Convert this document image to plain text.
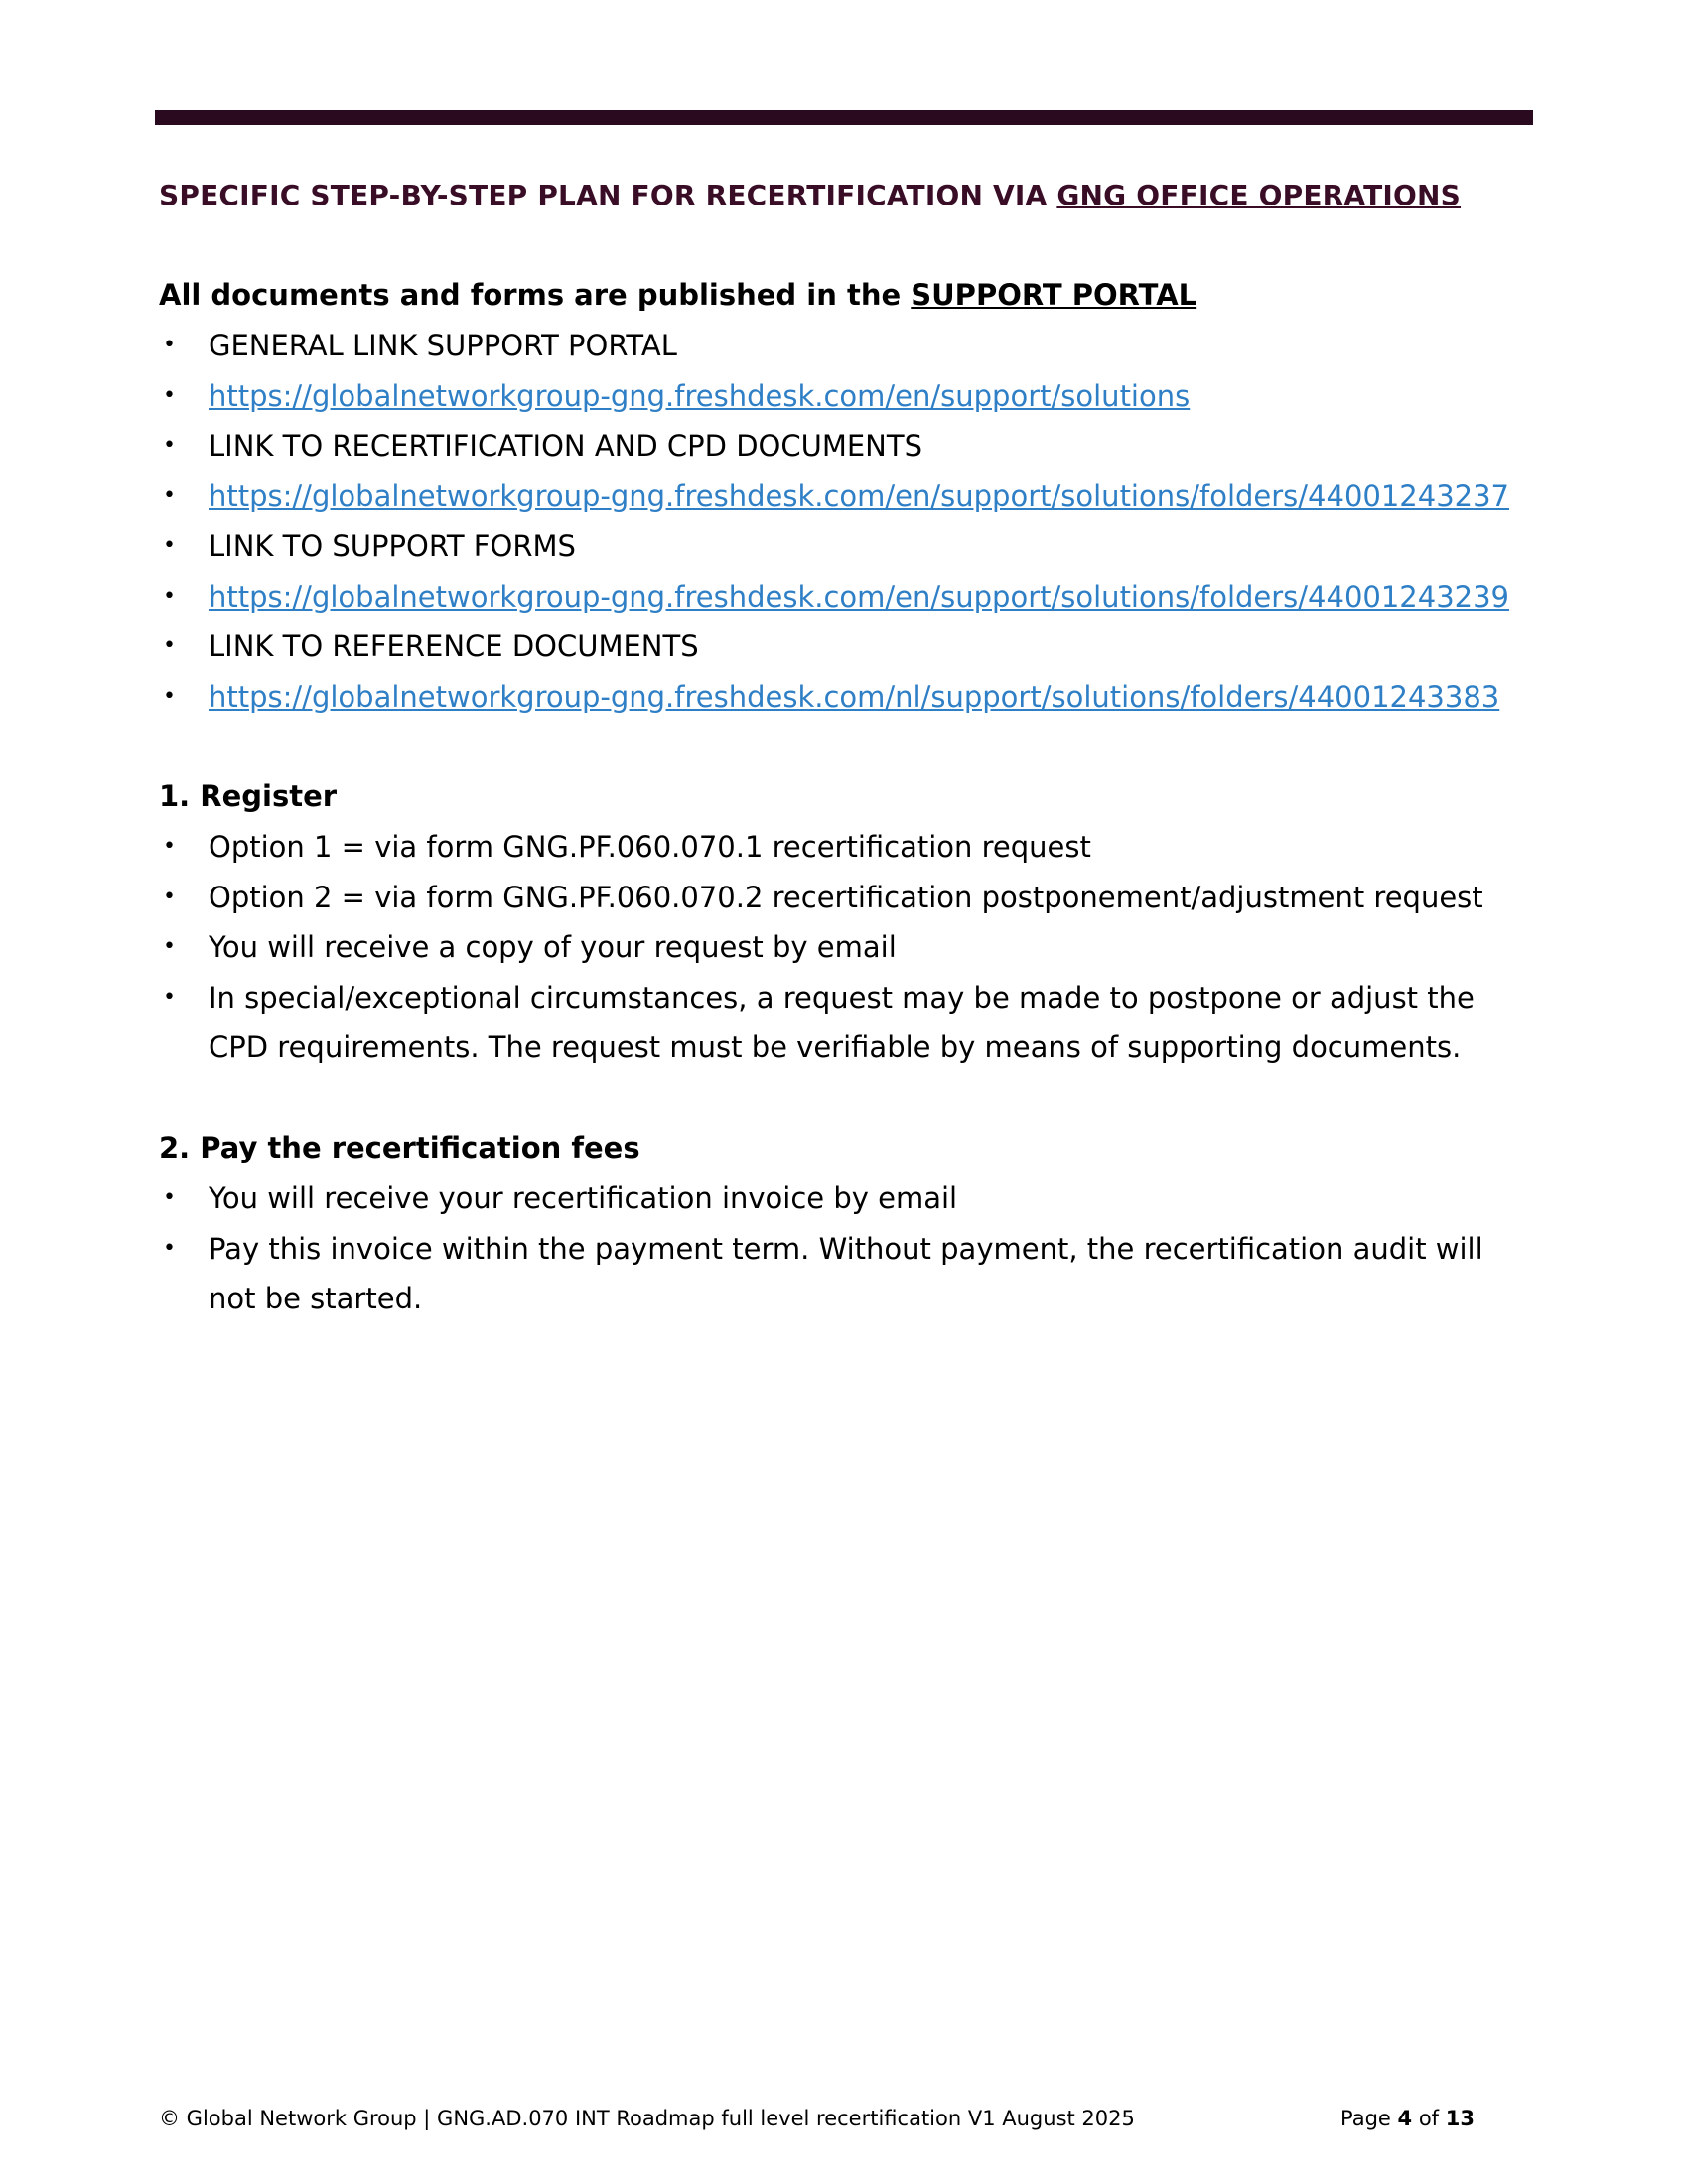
SPECIFIC STEP-BY-STEP PLAN FOR RECERTIFICATION VIA GNG OFFICE OPERATIONS
All documents and forms are published in the SUPPORT PORTAL
• GENERAL LINK SUPPORT PORTAL
• https://globalnetworkgroup-gng.freshdesk.com/en/support/solutions
• LINK TO RECERTIFICATION AND CPD DOCUMENTS
• https://globalnetworkgroup-gng.freshdesk.com/en/support/solutions/folders/44001243237
• LINK TO SUPPORT FORMS
• https://globalnetworkgroup-gng.freshdesk.com/en/support/solutions/folders/44001243239
• LINK TO REFERENCE DOCUMENTS
• https://globalnetworkgroup-gng.freshdesk.com/nl/support/solutions/folders/44001243383
1. Register
• Option 1 = via form GNG.PF.060.070.1 recertification request
• Option 2 = via form GNG.PF.060.070.2 recertification postponement/adjustment request
• You will receive a copy of your request by email
• In special/exceptional circumstances, a request may be made to postpone or adjust the CPD requirements. The request must be verifiable by means of supporting documents.
2. Pay the recertification fees
• You will receive your recertification invoice by email
• Pay this invoice within the payment term. Without payment, the recertification audit will not be started.
© Global Network Group | GNG.AD.070 INT Roadmap full level recertification V1 August 2025	Page 4 of 13
